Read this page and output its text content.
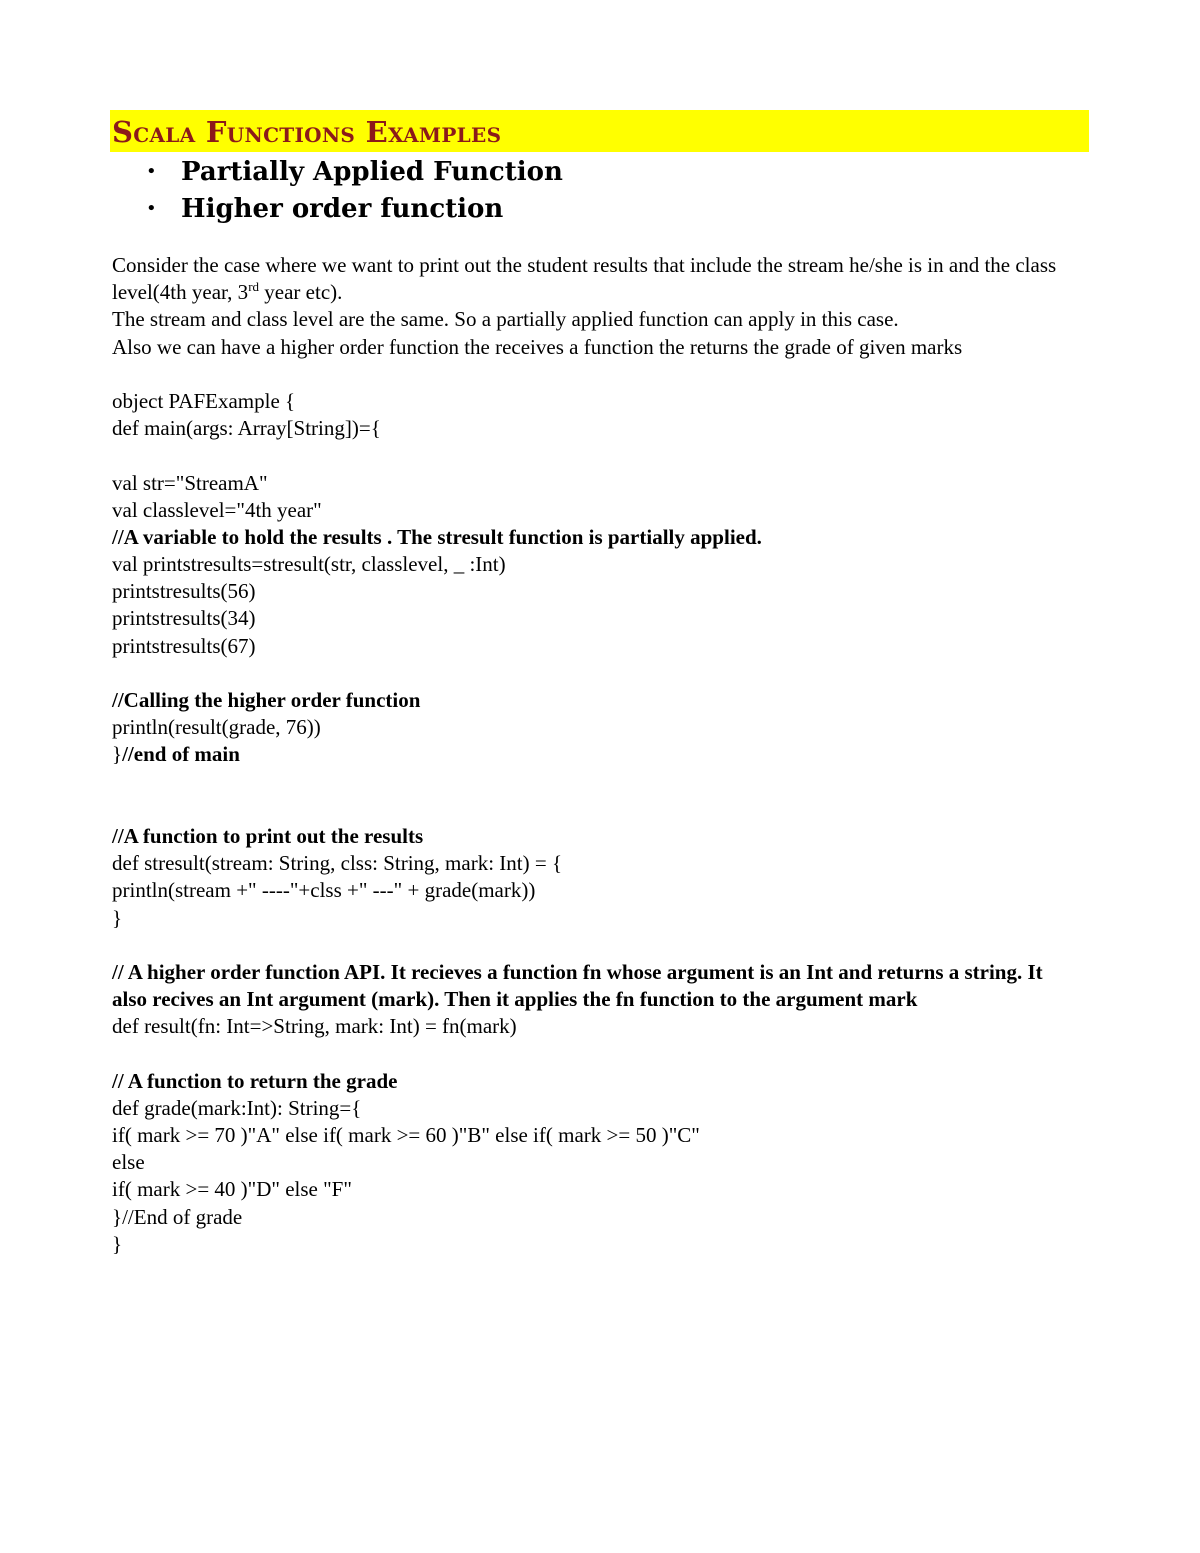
Scala Functions Examples
• Partially Applied Function
• Higher order function
Consider the case where we want to print out the student results that include the stream he/she is in and the class level(4th year, 3rd year etc).
The stream and class level are the same. So a partially applied function can apply in this case.
Also we can have a higher order function the receives a function the returns the grade of given marks
object PAFExample {
def main(args: Array[String])={
val str="StreamA"
val classlevel="4th year"
//A variable to hold the results . The stresult function is partially applied.
val printstresults=stresult(str, classlevel, _ :Int)
printstresults(56)
printstresults(34)
printstresults(67)
//Calling the higher order function
println(result(grade, 76))
}//end of main
//A function to print out the results
def stresult(stream: String, clss: String, mark: Int) = {
println(stream +" ----"+clss +" ---" + grade(mark))
}
// A higher order function API. It recieves a function fn whose argument is an Int and returns a string. It also recives an Int argument (mark). Then it applies the fn function to the argument mark
def result(fn: Int=>String, mark: Int) = fn(mark)
// A function to return the grade
def grade(mark:Int): String={
if( mark >= 70 )"A" else if( mark >= 60 )"B" else if( mark >= 50 )"C"
else
if( mark >= 40 )"D" else "F"
}//End of grade
}
